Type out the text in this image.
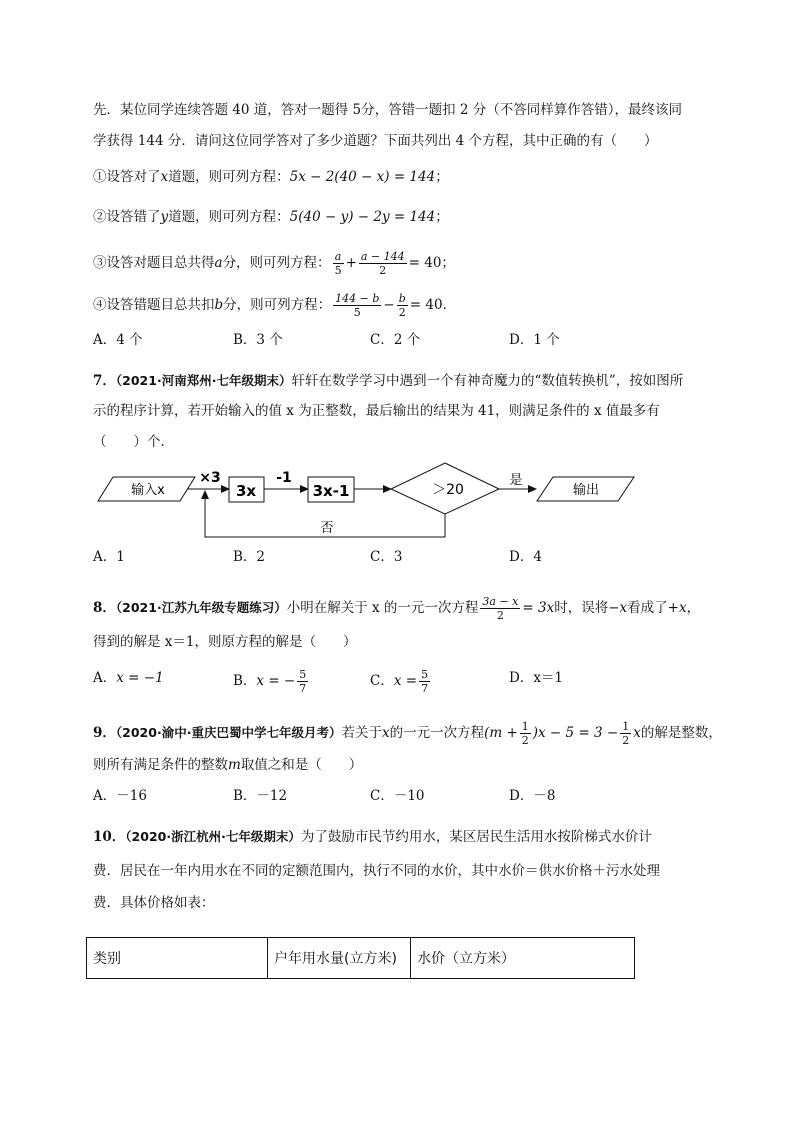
先．某位同学连续答题 40 道，答对一题得 5分，答错一题扣 2 分（不答同样算作答错），最终该同
学获得 144 分．请问这位同学答对了多少道题？下面共列出 4 个方程，其中正确的有（　　）
①设答对了x道题，则可列方程：5x − 2(40 − x) = 144；
②设答错了y道题，则可列方程：5(40 − y) − 2y = 144；
③设答对题目总共得a分，则可列方程： $\frac{a}{5} + \frac{a - 144}{2} = 40$；
④设答错题目总共扣b分，则可列方程： $\frac{144 - b}{5} - \frac{b}{2} = 40$．
A．4 个	B．3 个	C．2 个	D．1 个
7．（2021·河南郑州·七年级期末）轩轩在数学学习中遇到一个有神奇魔力的“数值转换机”，按如图所
示的程序计算，若开始输入的值 x 为正整数，最后输出的结果为 41，则满足条件的 x 值最多有
（　　）个．
输入x
×3
3x
-1
3x-1	＞20
是
输出
否
A．1	B．2	C．3	D．4
8．（2021·江苏九年级专题练习）小明在解关于 x 的一元一次方程 $\frac{3a - x}{2} = 3x$时，误将−x看成了+x，
得到的解是 x＝1，则原方程的解是（　　）
A．x = −1	B．x = − $\frac{5}{7}$	C．$x = \frac{5}{7}$	D．x＝1
9．（2020·渝中·重庆巴蜀中学七年级月考）若关于x的一元一次方程$(m + \frac{1}{2} )x - 5 = 3 - \frac{1}{2}$ x的解是整数，
则所有满足条件的整数m取值之和是（　　）
A．－16	B．－12	C．－10	D．－8
10．（2020·浙江杭州·七年级期末）为了鼓励市民节约用水，某区居民生活用水按阶梯式水价计
费．居民在一年内用水在不同的定额范围内，执行不同的水价，其中水价＝供水价格＋污水处理
费．具体价格如表：
类别	户年用水量(立方米)	水价（立方米）
